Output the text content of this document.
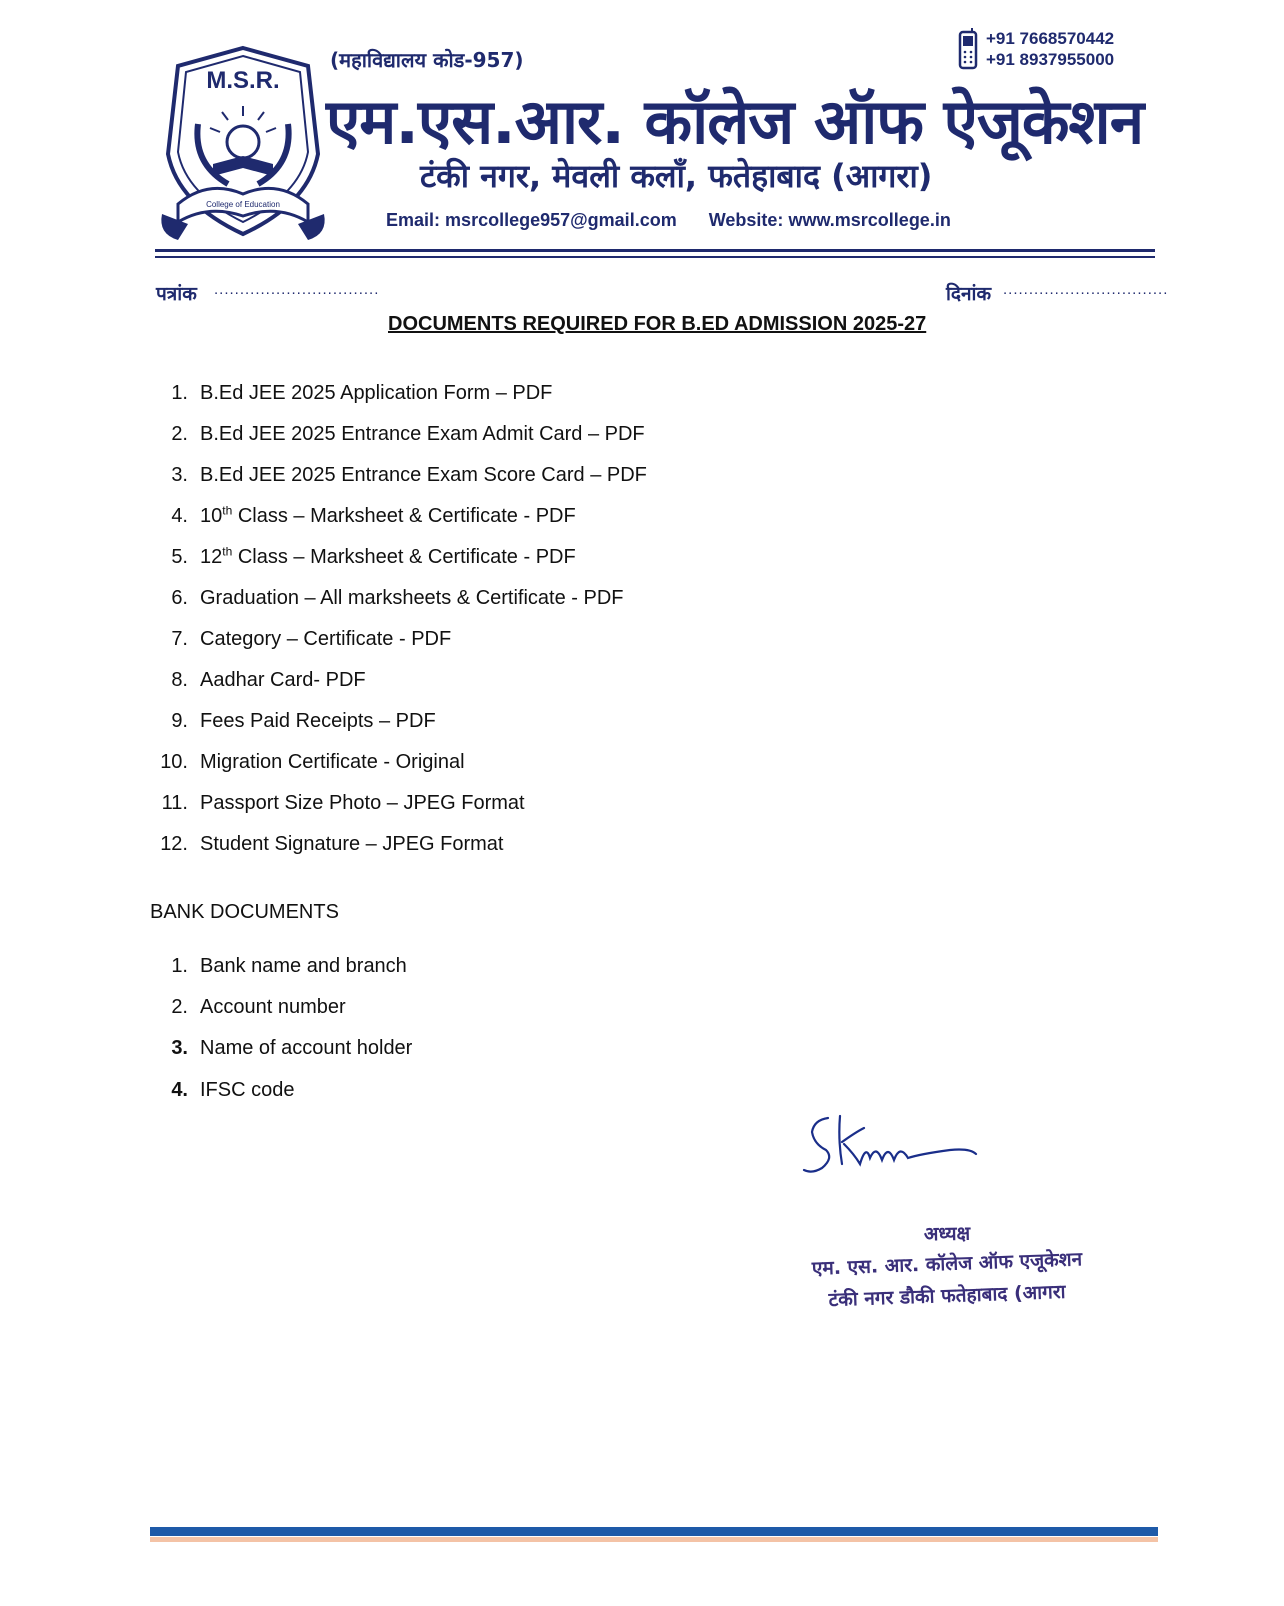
M.S.R.
College of Education
(महाविद्यालय कोड-957)
एम.एस.आर. कॉलेज ऑफ ऐजूकेशन
टंकी नगर, मेवली कलाँ, फतेहाबाद (आगरा)
+91 7668570442
+91 8937955000
Email: msrcollege957@gmail.com Website: www.msrcollege.in
पत्रांक ................................	दिनांक ................................
DOCUMENTS REQUIRED FOR B.ED ADMISSION 2025-27
1. B.Ed JEE 2025 Application Form – PDF
2. B.Ed JEE 2025 Entrance Exam Admit Card – PDF
3. B.Ed JEE 2025 Entrance Exam Score Card – PDF
4. 10th Class – Marksheet & Certificate - PDF
5. 12th Class – Marksheet & Certificate - PDF
6. Graduation – All marksheets & Certificate - PDF
7. Category – Certificate - PDF
8. Aadhar Card- PDF
9. Fees Paid Receipts – PDF
10. Migration Certificate - Original
11. Passport Size Photo – JPEG Format
12. Student Signature – JPEG Format
BANK DOCUMENTS
1. Bank name and branch
2. Account number
3. Name of account holder
4. IFSC code
अध्यक्ष
एम. एस. आर. कॉलेज ऑफ एजूकेशन
टंकी नगर डौकी फतेहाबाद (आगरा
